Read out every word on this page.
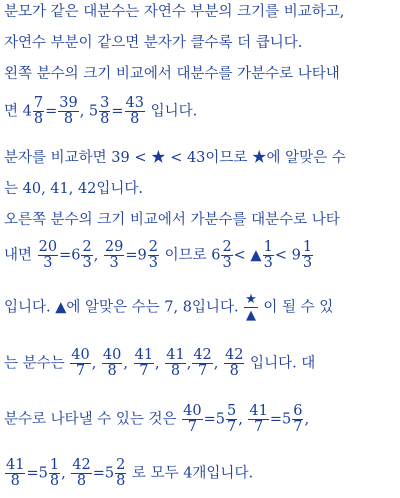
분모가 같은 대분수는 자연수 부분의 크기를 비교하고,
자연수 부분이 같으면 분자가 클수록 더 큽니다.
왼쪽 분수의 크기 비교에서 대분수를 가분수로 나타내
면 $4 \frac{7}{8} = \frac{39}{8}$ , $5 \frac{3}{8} = \frac{43}{8}$ 입니다.
분자를 비교하면 39 < ★ < 43이므로 ★에 알맞은 수
는 40, 41, 42입니다.
오른쪽 분수의 크기 비교에서 가분수를 대분수로 나타
내면 $\frac{20}{3} =6 \frac{2}{3}$ , $\frac{29}{3} =9 \frac{2}{3}$ 이므로 $6 \frac{2}{3}$ < ▲ $\frac{1}{3} < 9 \frac{1}{3}$
입니다. ▲에 알맞은 수는 7, 8입니다. $\frac{★}{▲}$ 이 될 수 있
는 분수는 $\frac{40}{7}$ , $\frac{40}{8}$ , $\frac{41}{7}$ , $\frac{41}{8}$ , $\frac{42}{7}$ , $\frac{42}{8}$ 입니다. 대
분수로 나타낼 수 있는 것은 $\frac{40}{7} =5 \frac{5}{7}$ , $\frac{41}{7} =5 \frac{6}{7}$ ,
$\frac{41}{8} =5 \frac{1}{8}$ , $\frac{42}{8} =5 \frac{2}{8}$ 로 모두 4개입니다.
